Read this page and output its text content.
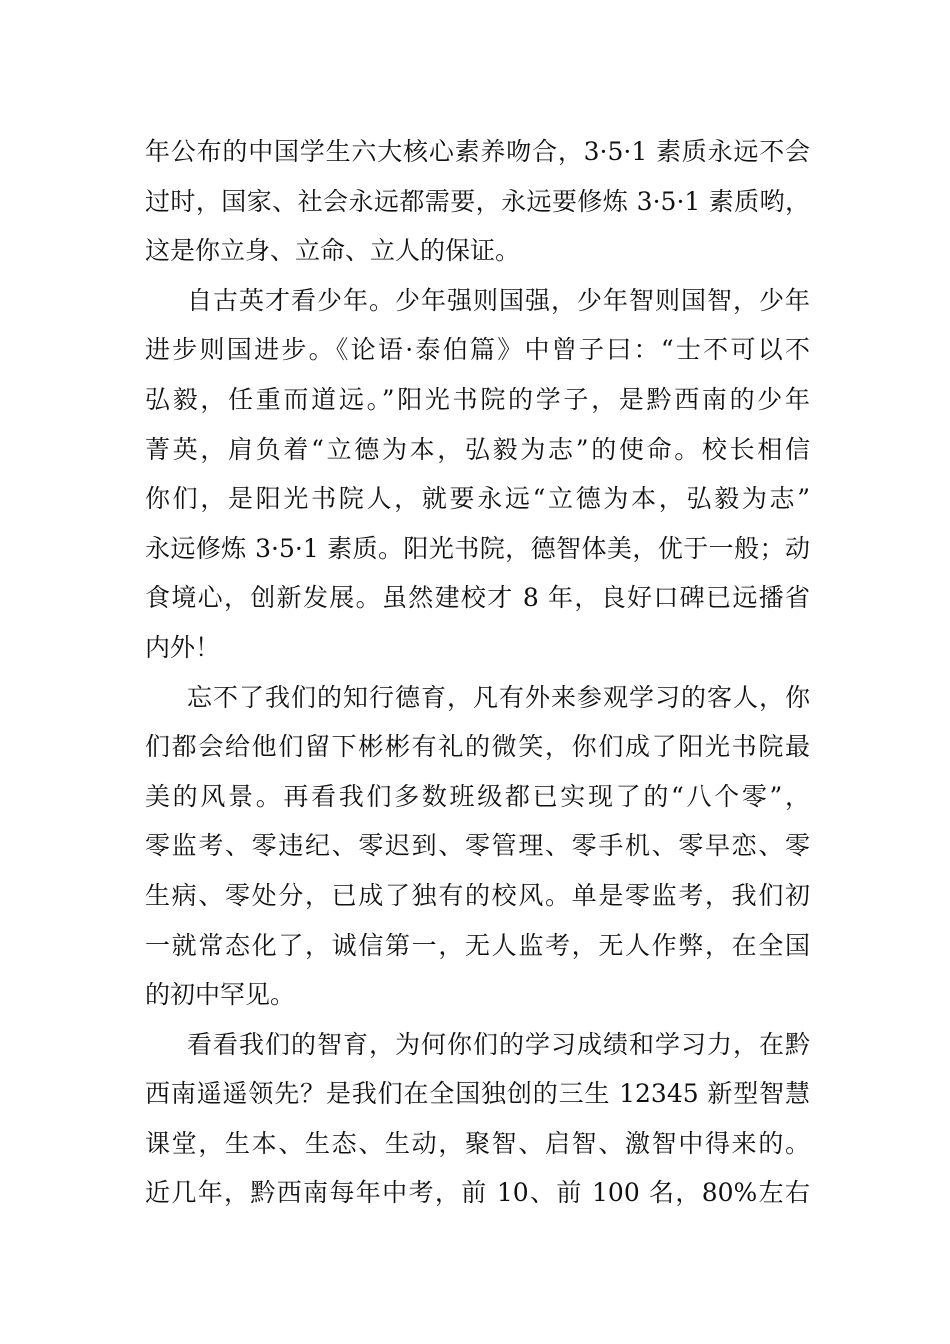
年公布的中国学生六大核心素养吻合，3·5·1 素质永远不会
过时，国家、社会永远都需要，永远要修炼 3·5·1 素质哟，
这是你立身、立命、立人的保证。
自古英才看少年。少年强则国强，少年智则国智，少年
进步则国进步。《论语·泰伯篇》中曾子曰：“士不可以不
弘毅，任重而道远。”阳光书院的学子，是黔西南的少年
菁英，肩负着“立德为本，弘毅为志”的使命。校长相信
你们，是阳光书院人，就要永远“立德为本，弘毅为志”
永远修炼 3·5·1 素质。阳光书院，德智体美，优于一般；动
食境心，创新发展。虽然建校才 8 年，良好口碑已远播省
内外！
忘不了我们的知行德育，凡有外来参观学习的客人，你
们都会给他们留下彬彬有礼的微笑，你们成了阳光书院最
美的风景。再看我们多数班级都已实现了的“八个零”，
零监考、零违纪、零迟到、零管理、零手机、零早恋、零
生病、零处分，已成了独有的校风。单是零监考，我们初
一就常态化了，诚信第一，无人监考，无人作弊，在全国
的初中罕见。
看看我们的智育，为何你们的学习成绩和学习力，在黔
西南遥遥领先？是我们在全国独创的三生 12345 新型智慧
课堂，生本、生态、生动，聚智、启智、激智中得来的。
近几年，黔西南每年中考，前 10、前 100 名，80%左右
